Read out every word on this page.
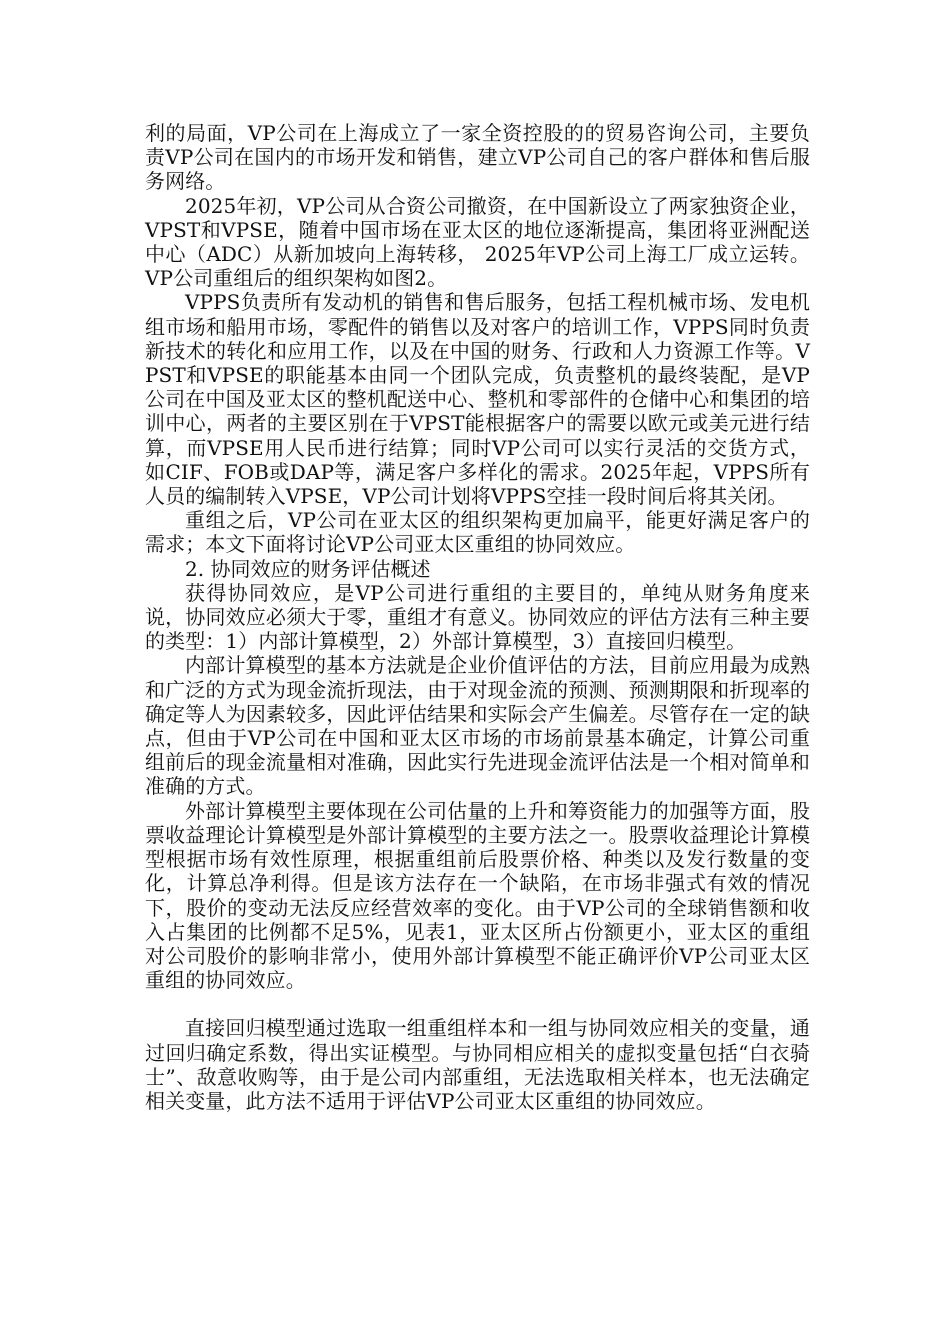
利的局面，VP公司在上海成立了一家全资控股的的贸易咨询公司，主要负责VP公司在国内的市场开发和销售，建立VP公司自己的客户群体和售后服务网络。

2025年初，VP公司从合资公司撤资，在中国新设立了两家独资企业，VPST和VPSE，随着中国市场在亚太区的地位逐渐提高，集团将亚洲配送中心（ADC）从新加坡向上海转移， 2025年VP公司上海工厂成立运转。VP公司重组后的组织架构如图2。

VPPS负责所有发动机的销售和售后服务，包括工程机械市场、发电机组市场和船用市场，零配件的销售以及对客户的培训工作，VPPS同时负责新技术的转化和应用工作，以及在中国的财务、行政和人力资源工作等。VPST和VPSE的职能基本由同一个团队完成，负责整机的最终装配，是VP公司在中国及亚太区的整机配送中心、整机和零部件的仓储中心和集团的培训中心，两者的主要区别在于VPST能根据客户的需要以欧元或美元进行结算，而VPSE用人民币进行结算；同时VP公司可以实行灵活的交货方式，如CIF、FOB或DAP等，满足客户多样化的需求。2025年起，VPPS所有人员的编制转入VPSE，VP公司计划将VPPS空挂一段时间后将其关闭。

重组之后，VP公司在亚太区的组织架构更加扁平，能更好满足客户的需求；本文下面将讨论VP公司亚太区重组的协同效应。

2. 协同效应的财务评估概述

获得协同效应，是VP公司进行重组的主要目的，单纯从财务角度来说，协同效应必须大于零，重组才有意义。协同效应的评估方法有三种主要的类型：1）内部计算模型，2）外部计算模型，3）直接回归模型。

内部计算模型的基本方法就是企业价值评估的方法，目前应用最为成熟和广泛的方式为现金流折现法，由于对现金流的预测、预测期限和折现率的确定等人为因素较多，因此评估结果和实际会产生偏差。尽管存在一定的缺点，但由于VP公司在中国和亚太区市场的市场前景基本确定，计算公司重组前后的现金流量相对准确，因此实行先进现金流评估法是一个相对简单和准确的方式。

外部计算模型主要体现在公司估量的上升和筹资能力的加强等方面，股票收益理论计算模型是外部计算模型的主要方法之一。股票收益理论计算模型根据市场有效性原理，根据重组前后股票价格、种类以及发行数量的变化，计算总净利得。但是该方法存在一个缺陷，在市场非强式有效的情况下，股价的变动无法反应经营效率的变化。由于VP公司的全球销售额和收入占集团的比例都不足5%，见表1，亚太区所占份额更小，亚太区的重组对公司股价的影响非常小，使用外部计算模型不能正确评价VP公司亚太区重组的协同效应。

直接回归模型通过选取一组重组样本和一组与协同效应相关的变量，通过回归确定系数，得出实证模型。与协同相应相关的虚拟变量包括“白衣骑士”、敌意收购等，由于是公司内部重组，无法选取相关样本，也无法确定相关变量，此方法不适用于评估VP公司亚太区重组的协同效应。
